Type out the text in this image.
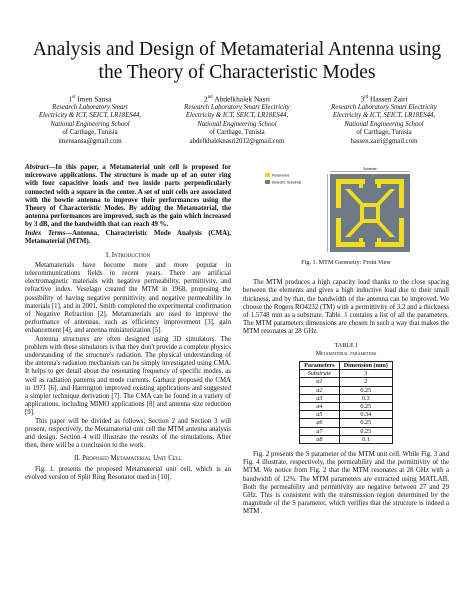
Analysis and Design of Metamaterial Antenna using
the Theory of Characteristic Modes
1st Imen Sansa
Research Laboratory Smart
Electricity & ICT, SEICT, LR18ES44,
National Engineering School
of Carthage, Tunisia
imensansa@gmail.com
2nd Abdelkhalek Nasri
Research Laboratory Smart Electricity
Electricity & ICT, SEICT, LR18ES44,
National Engineering School
of Carthage, Tunisia
abdelkhaleknasri2012@gmail.com
3rd Hassen Zairi
Research Laboratory Smart Electricity
Electricity & ICT, SEICT, LR18ES44,
National Engineering School
of Carthage, Tunisia
hassen.zairi@gmail.com

Abstract—In this paper, a Metamaterial unit cell is proposed for microwave applications. The structure is made up of an outer ring with four capacitive loads and two inside parts perpendicularly connected with a square in the center. A set of unit cells are associated with the bowtie antenna to improve their performances using the Theory of Characteristic Modes. By adding the Metamaterial, the antenna performances are improved, such as the gain which increased by 3 dB, and the bandwidth that can reach 49 %.

Index Terms—Antenna, Characteristic Mode Analysis (CMA), Metamaterial (MTM).

I. Introduction

Metamaterials have become more and more popular in telecommunications fields in recent years. There are artificial electromagnetic materials with negative permeability, permittivity, and refractive index. Veselago created the MTM in 1968, proposing the possibility of having negative permittivity and negative permeability in materials [1], and in 2001, Smith completed the experimental confirmation of Negative Refraction [2]. Metamaterials are used to improve the performance of antennas, such as efficiency improvement [3], gain enhancement [4], and antenna miniaturization [5].

Antenna structures are often designed using 3D simulators. The problem with these simulators is that they don't provide a complete physics understanding of the structure's radiation. The physical understanding of the antenna's radiation mechanism can be simply investigated using CMA. It helps to get detail about the resonating frequency of specific modes, as well as radiation patterns and mode currents. Garbacz proposed the CMA in 1971 [6], and Harrington improved existing applications and suggested a simpler technique derivation [7]. The CMA can be found in a variety of applications, including MIMO applications [8] and antenna size reduction [9].

This paper will be divided as follows; Section 2 and Section 3 will present, respectively, the Metamaterial unit cell the MTM antenna analysis and design. Section 4 will illustrate the results of the simulations. After then, there will be a conclusion to the work.

II. Proposed Metamaterial Unit Cell

Fig. 1. presents the proposed Metamaterial unit cell, which is an evolved version of Split Ring Resonator used in [10].

Parameters
Dielectric Substrate
Substrate
Fig. 1. MTM Geometry: Front View

The MTM produces a high capacity load thanks to the close spacing between the elements and gives a high inductive load due to their small thickness, and by that, the bandwidth of the antenna can be improved. We choose the Rogers RO4232 (TM) with a permittivity of 3.2 and a thickness of 1.5748 mm as a substrate. Table. 1 contains a list of all the parameters. The MTM parameters dimensions are chosen in such a way that makes the MTM resonates at 28 GHz.

TABLE I
Metamaterial parameters
Parameters	Dimension (mm)
Substrate	3
a1	2
a2	0.25
a3	0.3
a4	0.25
a5	0.34
a6	0.25
a7	0.25
a8	0.1

Fig. 2 presents the S parameter of the MTM unit cell. While Fig. 3 and Fig. 4 illustrate, respectively, the permeability and the permittivity of the MTM. We notice from Fig. 2 that the MTM resonates at 28 GHz with a bandwidth of 12%. The MTM parameters are extracted using MATLAB. Both the permeability and permittivity are negative between 27 and 29 GHz. This is consistent with the transmission region determined by the magnitude of the S parameter, which verifies that the structure is indeed a MTM .
